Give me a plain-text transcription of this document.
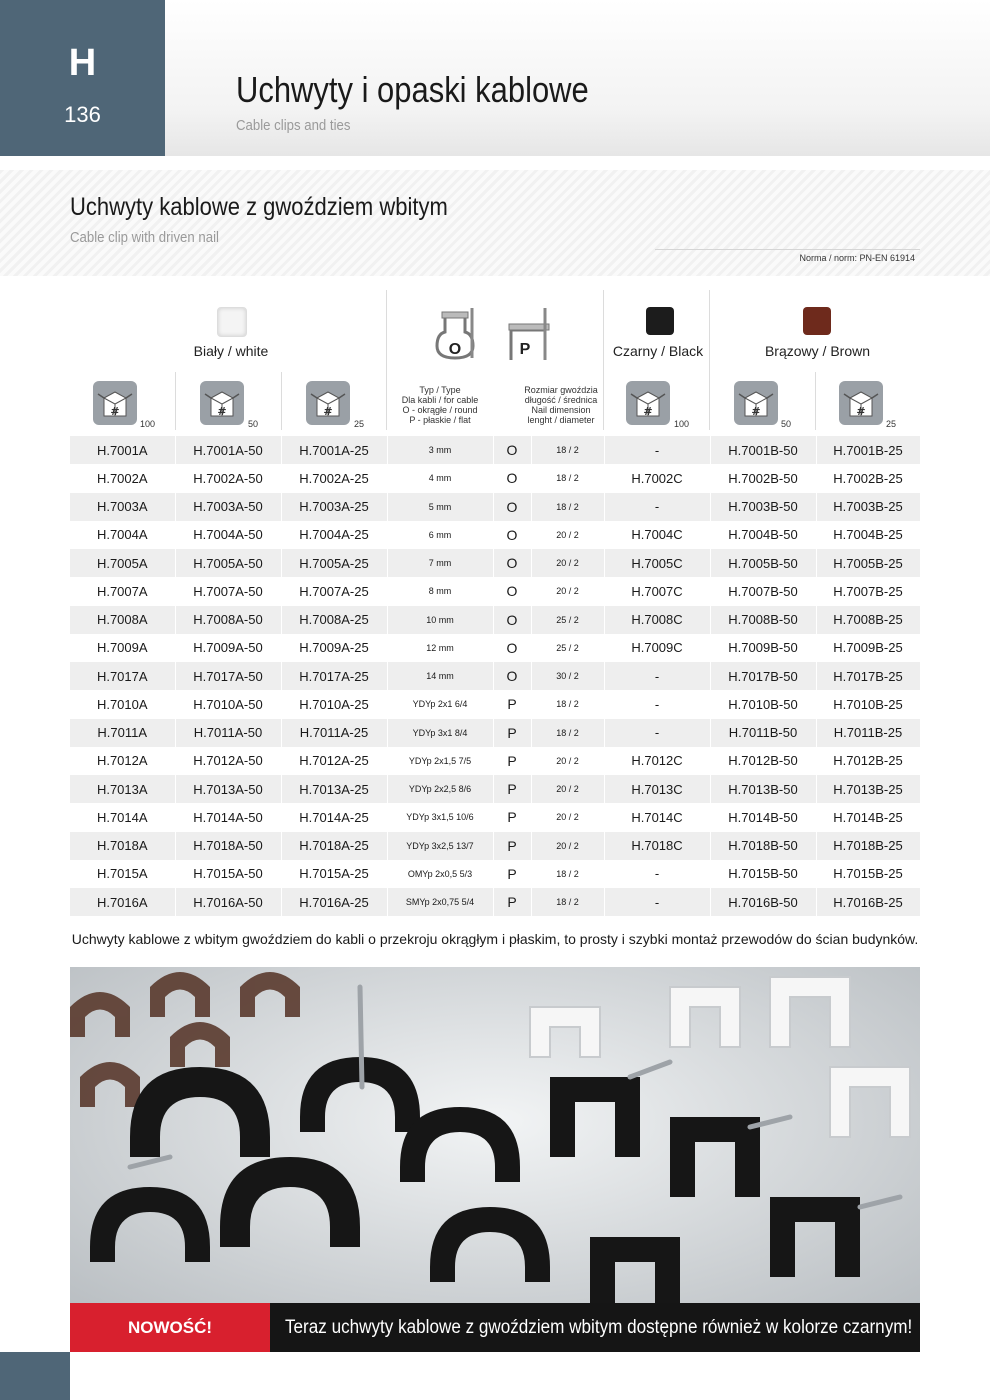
H
136
Uchwyty i opaski kablowe
Cable clips and ties
Uchwyty kablowe z gwoździem wbitym
Cable clip with driven nail
Norma / norm: PN-EN 61914
Biały / white	O	P	Czarny / Black	Brązowy / Brown
#
100
#
50
#
25
#
100
#
50
#
25
Typ / Type
Dla kabli / for cable
O - okrągłe / round
P - płaskie / flat
Rozmiar gwoździa
długość / średnica
Nail dimension
lenght / diameter
H.7001A	H.7001A-50	H.7001A-25	3 mm	O	18 / 2	-	H.7001B-50	H.7001B-25
H.7002A	H.7002A-50	H.7002A-25	4 mm	O	18 / 2	H.7002C	H.7002B-50	H.7002B-25
H.7003A	H.7003A-50	H.7003A-25	5 mm	O	18 / 2	-	H.7003B-50	H.7003B-25
H.7004A	H.7004A-50	H.7004A-25	6 mm	O	20 / 2	H.7004C	H.7004B-50	H.7004B-25
H.7005A	H.7005A-50	H.7005A-25	7 mm	O	20 / 2	H.7005C	H.7005B-50	H.7005B-25
H.7007A	H.7007A-50	H.7007A-25	8 mm	O	20 / 2	H.7007C	H.7007B-50	H.7007B-25
H.7008A	H.7008A-50	H.7008A-25	10 mm	O	25 / 2	H.7008C	H.7008B-50	H.7008B-25
H.7009A	H.7009A-50	H.7009A-25	12 mm	O	25 / 2	H.7009C	H.7009B-50	H.7009B-25
H.7017A	H.7017A-50	H.7017A-25	14 mm	O	30 / 2	-	H.7017B-50	H.7017B-25
H.7010A	H.7010A-50	H.7010A-25	YDYp 2x1 6/4	P	18 / 2	-	H.7010B-50	H.7010B-25
H.7011A	H.7011A-50	H.7011A-25	YDYp 3x1 8/4	P	18 / 2	-	H.7011B-50	H.7011B-25
H.7012A	H.7012A-50	H.7012A-25	YDYp 2x1,5 7/5	P	20 / 2	H.7012C	H.7012B-50	H.7012B-25
H.7013A	H.7013A-50	H.7013A-25	YDYp 2x2,5 8/6	P	20 / 2	H.7013C	H.7013B-50	H.7013B-25
H.7014A	H.7014A-50	H.7014A-25	YDYp 3x1,5 10/6	P	20 / 2	H.7014C	H.7014B-50	H.7014B-25
H.7018A	H.7018A-50	H.7018A-25	YDYp 3x2,5 13/7	P	20 / 2	H.7018C	H.7018B-50	H.7018B-25
H.7015A	H.7015A-50	H.7015A-25	OMYp 2x0,5 5/3	P	18 / 2	-	H.7015B-50	H.7015B-25
H.7016A	H.7016A-50	H.7016A-25	SMYp 2x0,75 5/4	P	18 / 2	-	H.7016B-50	H.7016B-25
Uchwyty kablowe z wbitym gwoździem do kabli o przekroju okrągłym i płaskim, to prosty i szybki montaż przewodów do ścian budynków.
NOWOŚĆ!	Teraz uchwyty kablowe z gwoździem wbitym dostępne również w kolorze czarnym!
